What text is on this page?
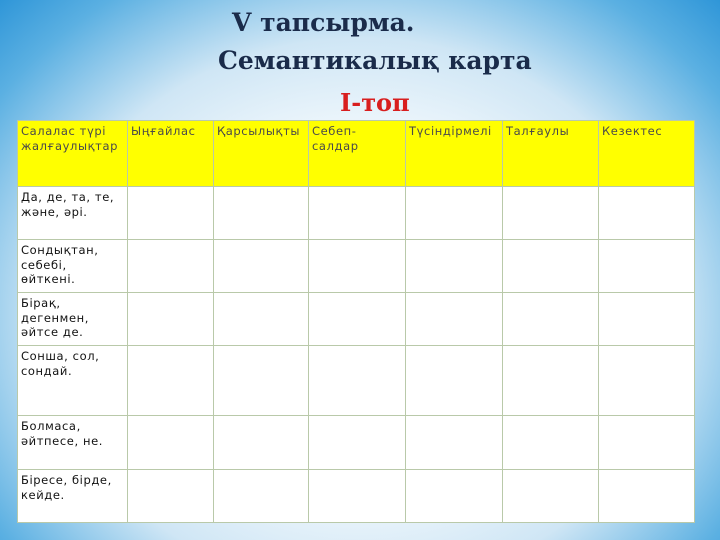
V тапсырма.
Семантикалық карта
І-топ
Салалас түрі жалғаулықтар	Ыңғайлас	Қарсылықты	Себеп-салдар	Түсіндірмелі	Талғаулы	Кезектес
Да, де, та, те, және, әрі.						
Сондықтан, себебі, өйткені.						
Бірақ, дегенмен, әйтсе де.						
Сонша, сол, сондай.						
Болмаса, әйтпесе, не.						
Біресе, бірде, кейде.						
